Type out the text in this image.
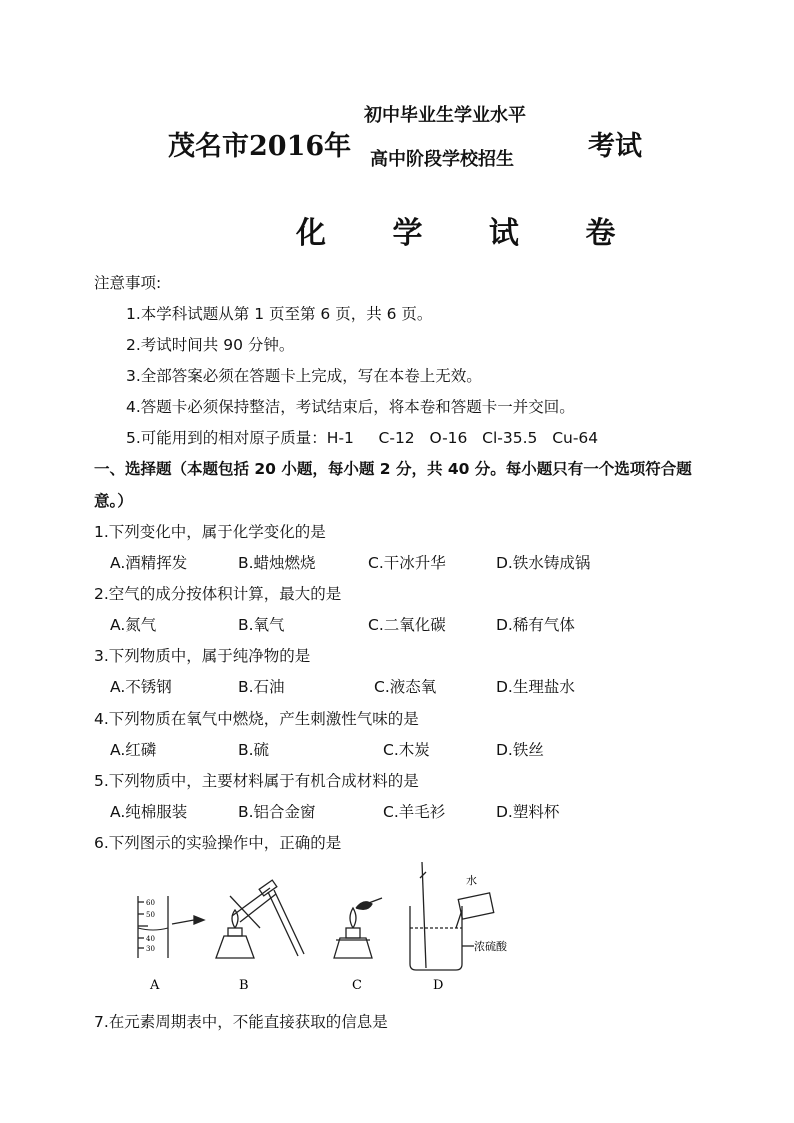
茂名市2016年
初中毕业生学业水平
高中阶段学校招生	考试
化 学 试 卷
注意事项:
1.本学科试题从第 1 页至第 6 页，共 6 页。
2.考试时间共 90 分钟。
3.全部答案必须在答题卡上完成，写在本卷上无效。
4.答题卡必须保持整洁，考试结束后，将本卷和答题卡一并交回。
5.可能用到的相对原子质量：H-1     C-12   O-16   Cl-35.5   Cu-64
一、选择题（本题包括 20 小题，每小题 2 分，共 40 分。每小题只有一个选项符合题
意。）
1.下列变化中，属于化学变化的是
A.酒精挥发	B.蜡烛燃烧	C.干冰升华	D.铁水铸成锅
2.空气的成分按体积计算，最大的是
A.氮气	B.氧气	C.二氧化碳	D.稀有气体
3.下列物质中，属于纯净物的是
A.不锈钢	B.石油	C.液态氧	D.生理盐水
4.下列物质在氧气中燃烧，产生刺激性气味的是
A.红磷	B.硫	C.木炭	D.铁丝
5.下列物质中，主要材料属于有机合成材料的是
A.纯棉服装	B.铝合金窗	C.羊毛衫	D.塑料杯
6.下列图示的实验操作中，正确的是
60
50
40
30
A	B	C
水
浓硫酸
D
7.在元素周期表中，不能直接获取的信息是
